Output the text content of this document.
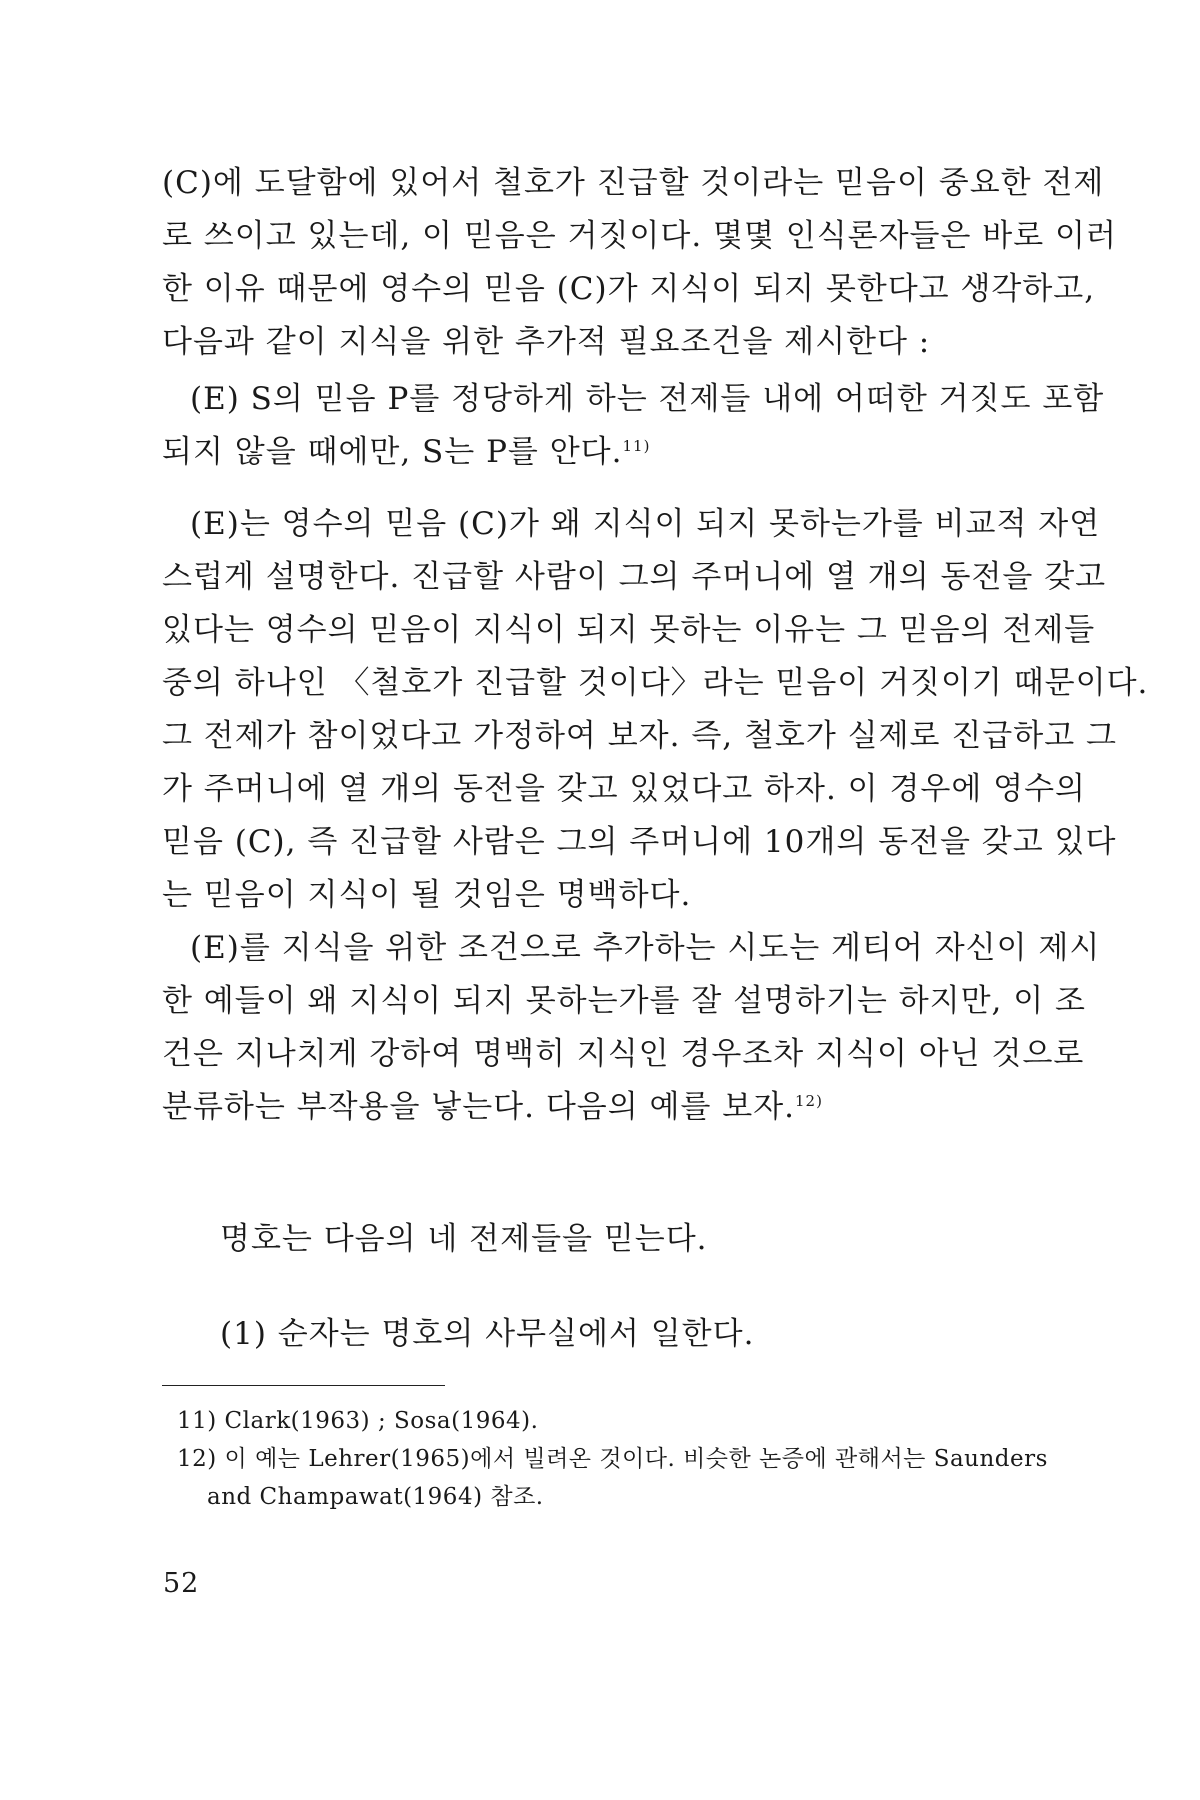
(C)에 도달함에 있어서 철호가 진급할 것이라는 믿음이 중요한 전제
로 쓰이고 있는데, 이 믿음은 거짓이다. 몇몇 인식론자들은 바로 이러
한 이유 때문에 영수의 믿음 (C)가 지식이 되지 못한다고 생각하고,
다음과 같이 지식을 위한 추가적 필요조건을 제시한다 :
(E) S의 믿음 P를 정당하게 하는 전제들 내에 어떠한 거짓도 포함
되지 않을 때에만, S는 P를 안다.$^{11)}$
(E)는 영수의 믿음 (C)가 왜 지식이 되지 못하는가를 비교적 자연
스럽게 설명한다. 진급할 사람이 그의 주머니에 열 개의 동전을 갖고
있다는 영수의 믿음이 지식이 되지 못하는 이유는 그 믿음의 전제들
중의 하나인 〈철호가 진급할 것이다〉라는 믿음이 거짓이기 때문이다.
그 전제가 참이었다고 가정하여 보자. 즉, 철호가 실제로 진급하고 그
가 주머니에 열 개의 동전을 갖고 있었다고 하자. 이 경우에 영수의
믿음 (C), 즉 진급할 사람은 그의 주머니에 10개의 동전을 갖고 있다
는 믿음이 지식이 될 것임은 명백하다.
(E)를 지식을 위한 조건으로 추가하는 시도는 게티어 자신이 제시
한 예들이 왜 지식이 되지 못하는가를 잘 설명하기는 하지만, 이 조
건은 지나치게 강하여 명백히 지식인 경우조차 지식이 아닌 것으로
분류하는 부작용을 낳는다. 다음의 예를 보자.$^{12)}$
명호는 다음의 네 전제들을 믿는다.
(1) 순자는 명호의 사무실에서 일한다.
11) Clark(1963) ; Sosa(1964).
12) 이 예는 Lehrer(1965)에서 빌려온 것이다. 비슷한 논증에 관해서는 Saunders
and Champawat(1964) 참조.
52
